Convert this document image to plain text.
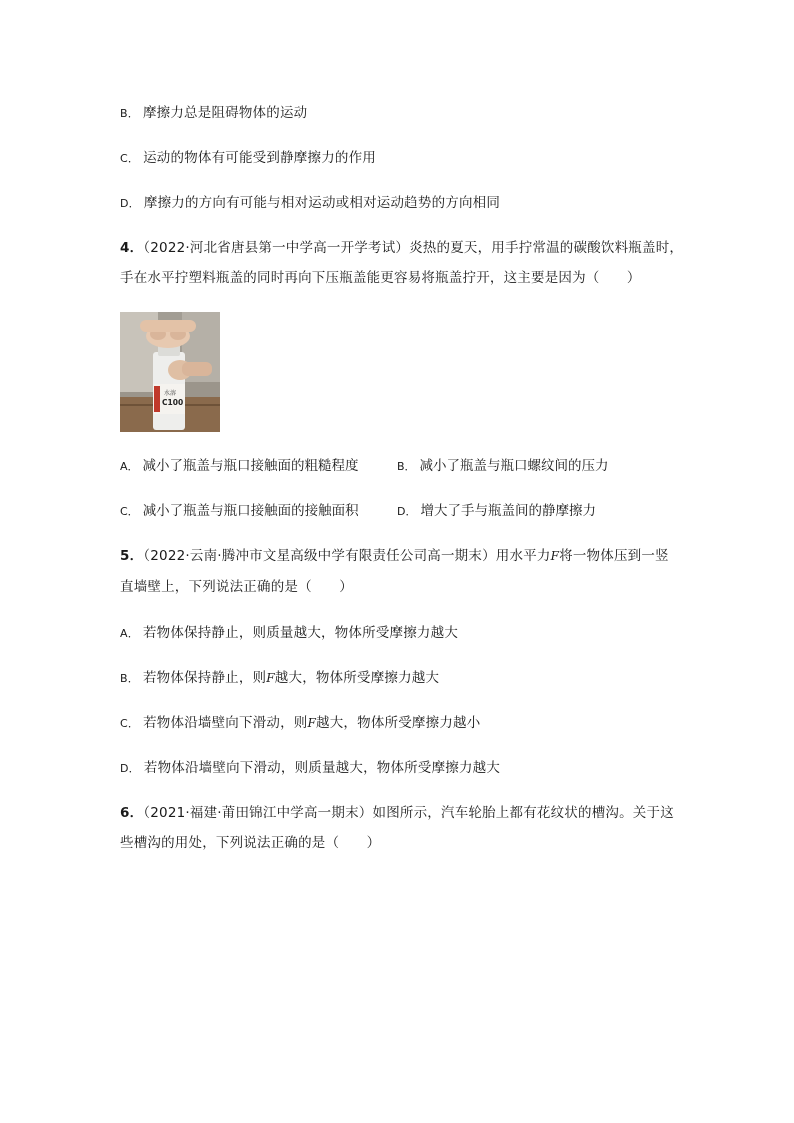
B． 摩擦力总是阻碍物体的运动
C． 运动的物体有可能受到静摩擦力的作用
D． 摩擦力的方向有可能与相对运动或相对运动趋势的方向相同
4．（2022·河北省唐县第一中学高一开学考试）炎热的夏天，用手拧常温的碳酸饮料瓶盖时，
手在水平拧塑料瓶盖的同时再向下压瓶盖能更容易将瓶盖拧开，这主要是因为（　　）
水溶
C100
A． 减小了瓶盖与瓶口接触面的粗糙程度	B． 减小了瓶盖与瓶口螺纹间的压力
C． 减小了瓶盖与瓶口接触面的接触面积	D． 增大了手与瓶盖间的静摩擦力
5．（2022·云南·腾冲市文星高级中学有限责任公司高一期末）用水平力F将一物体压到一竖
直墙壁上，下列说法正确的是（　　）
A． 若物体保持静止，则质量越大，物体所受摩擦力越大
B． 若物体保持静止，则F越大，物体所受摩擦力越大
C． 若物体沿墙壁向下滑动，则F越大，物体所受摩擦力越小
D． 若物体沿墙壁向下滑动，则质量越大，物体所受摩擦力越大
6．（2021·福建·莆田锦江中学高一期末）如图所示，汽车轮胎上都有花纹状的槽沟。关于这
些槽沟的用处，下列说法正确的是（　　）
